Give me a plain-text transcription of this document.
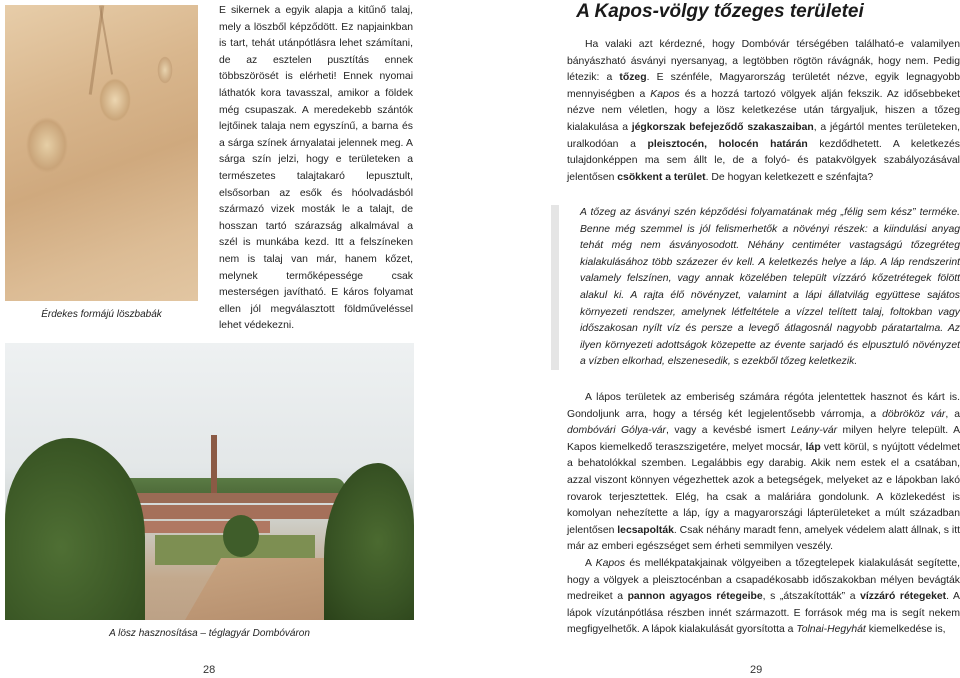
Érdekes formájú löszbabák
E sikernek a egyik alapja a kitűnő talaj, mely a löszből képződött. Ez napjainkban is tart, tehát utánpótlásra lehet számítani, de az esztelen pusztítás ennek többszörösét is elérheti! Ennek nyomai láthatók kora tavasszal, amikor a földek még csupaszak. A meredekebb szántók lejtőinek talaja nem egyszínű, a barna és a sárga színek árnyalatai jelennek meg. A sárga szín jelzi, hogy e területeken a természetes talajtakaró lepusztult, elsősorban az esők és hóolvadásból származó vizek mosták le a talajt, de hosszan tartó szárazság alkalmával a szél is munkába kezd. Itt a felszíneken nem is talaj van már, hanem kőzet, melynek termőképessége csak mesterségen javítható. E káros folyamat ellen jól megválasztott földműveléssel lehet védekezni.
A lösz hasznosítása – téglagyár Dombóváron
28
A Kapos-völgy tőzeges területei

Ha valaki azt kérdezné, hogy Dombóvár térségében található-e valamilyen bányászható ásványi nyersanyag, a legtöbben rögtön rávágnák, hogy nem. Pedig létezik: a tőzeg. E szénféle, Magyarország területét nézve, egyik legnagyobb mennyiségben a Kapos és a hozzá tartozó völgyek alján fekszik. Az idősebbeket nézve nem véletlen, hogy a lösz keletkezése után tárgyaljuk, hiszen a tőzeg kialakulása a jégkorszak befejeződő szakaszaiban, a jégártól mentes területeken, uralkodóan a pleisztocén, holocén határán kezdődhetett. A keletkezés tulajdonképpen ma sem állt le, de a folyó- és patakvölgyek szabályozásával jelentősen csökkent a terület. De hogyan keletkezett e szénfajta?

A tőzeg az ásványi szén képződési folyamatának még „félig sem kész” terméke. Benne még szemmel is jól felismerhetők a növényi részek: a kiindulási anyag tehát még nem ásványosodott. Néhány centiméter vastagságú tőzegréteg kialakulásához több százezer év kell. A keletkezés helye a láp. A láp rendszerint valamely felszínen, vagy annak közelében települt vízzáró kőzetrétegek fölött alakul ki. A rajta élő növényzet, valamint a lápi állatvilág együttese sajátos környezeti rendszer, amelynek létfeltétele a vízzel telített talaj, foltokban vagy időszakosan nyílt víz és persze a levegő átlagosnál nagyobb páratartalma. Az ilyen környezeti adottságok közepette az évente sarjadó és elpusztuló növényzet a vízben elkorhad, elszenesedik, s ezekből tőzeg keletkezik.

A lápos területek az emberiség számára régóta jelentettek hasznot és kárt is. Gondoljunk arra, hogy a térség két legjelentősebb várromja, a döbrököz vár, a dombóvári Gólya-vár, vagy a kevésbé ismert Leány-vár milyen helyre települt. A Kapos kiemelkedő teraszszigetére, melyet mocsár, láp vett körül, s nyújtott védelmet a behatolókkal szemben. Legalábbis egy darabig. Akik nem estek el a csatában, azzal viszont könnyen végezhettek azok a betegségek, melyeket az e lápokban lakó rovarok terjesztettek. Elég, ha csak a maláriára gondolunk. A közlekedést is komolyan nehezítette a láp, így a magyarországi lápterületeket a múlt században jelentősen lecsapolták. Csak néhány maradt fenn, amelyek védelem alatt állnak, s itt már az emberi egészséget sem érheti semmilyen veszély.

A Kapos és mellékpatakjainak völgyeiben a tőzegtelepek kialakulását segítette, hogy a völgyek a pleisztocénban a csapadékosabb időszakokban mélyen bevágták medreiket a pannon agyagos rétegeibe, s „átszakították” a vízzáró rétegeket. A lápok vízutánpótlása részben innét származott. E források még ma is segít nekem megfigyelhetők. A lápok kialakulását gyorsította a Tolnai-Hegyhát kiemelkedése is,

29
